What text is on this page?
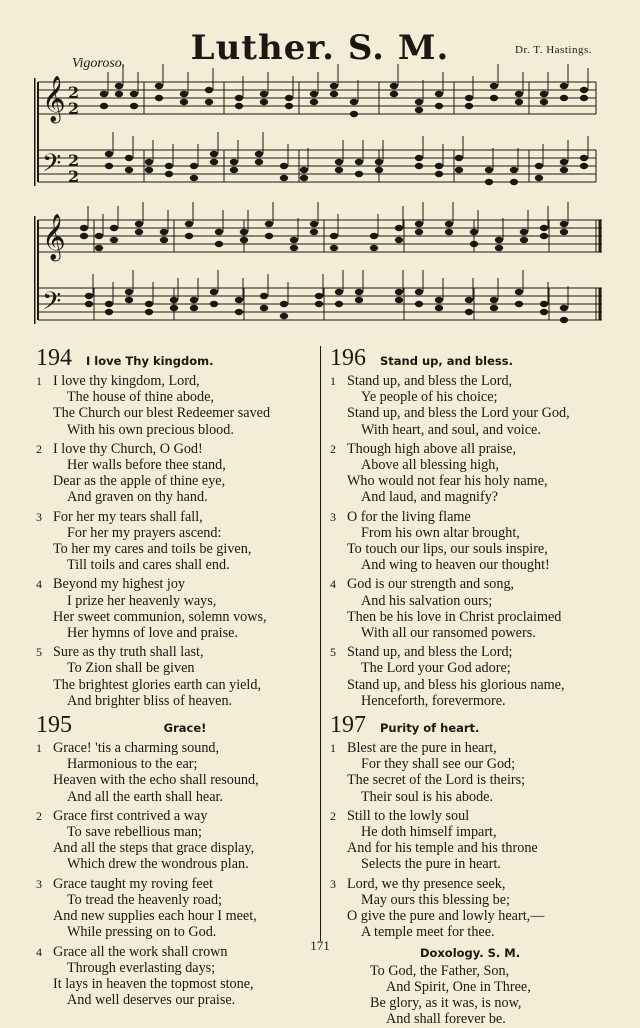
Luther. S. M.	Dr. T. Hastings.
Vigoroso.
𝄞
𝄢
𝄞
𝄢
2
2
2
2
194 I love Thy kingdom.
1 I love thy kingdom, Lord,
The house of thine abode,
The Church our blest Redeemer saved
With his own precious blood.
2 I love thy Church, O God!
Her walls before thee stand,
Dear as the apple of thine eye,
And graven on thy hand.
3 For her my tears shall fall,
For her my prayers ascend:
To her my cares and toils be given,
Till toils and cares shall end.
4 Beyond my highest joy
I prize her heavenly ways,
Her sweet communion, solemn vows,
Her hymns of love and praise.
5 Sure as thy truth shall last,
To Zion shall be given
The brightest glories earth can yield,
And brighter bliss of heaven.
195	Grace!
1 Grace! 'tis a charming sound,
Harmonious to the ear;
Heaven with the echo shall resound,
And all the earth shall hear.
2 Grace first contrived a way
To save rebellious man;
And all the steps that grace display,
Which drew the wondrous plan.
3 Grace taught my roving feet
To tread the heavenly road;
And new supplies each hour I meet,
While pressing on to God.
4 Grace all the work shall crown
Through everlasting days;
It lays in heaven the topmost stone,
And well deserves our praise.
196 Stand up, and bless.
1 Stand up, and bless the Lord,
Ye people of his choice;
Stand up, and bless the Lord your God,
With heart, and soul, and voice.
2 Though high above all praise,
Above all blessing high,
Who would not fear his holy name,
And laud, and magnify?
3 O for the living flame
From his own altar brought,
To touch our lips, our souls inspire,
And wing to heaven our thought!
4 God is our strength and song,
And his salvation ours;
Then be his love in Christ proclaimed
With all our ransomed powers.
5 Stand up, and bless the Lord;
The Lord your God adore;
Stand up, and bless his glorious name,
Henceforth, forevermore.
197 Purity of heart.
1 Blest are the pure in heart,
For they shall see our God;
The secret of the Lord is theirs;
Their soul is his abode.
2 Still to the lowly soul
He doth himself impart,
And for his temple and his throne
Selects the pure in heart.
3 Lord, we thy presence seek,
May ours this blessing be;
O give the pure and lowly heart,—
A temple meet for thee.
Doxology. S. M.
To God, the Father, Son,
And Spirit, One in Three,
Be glory, as it was, is now,
And shall forever be.
171
